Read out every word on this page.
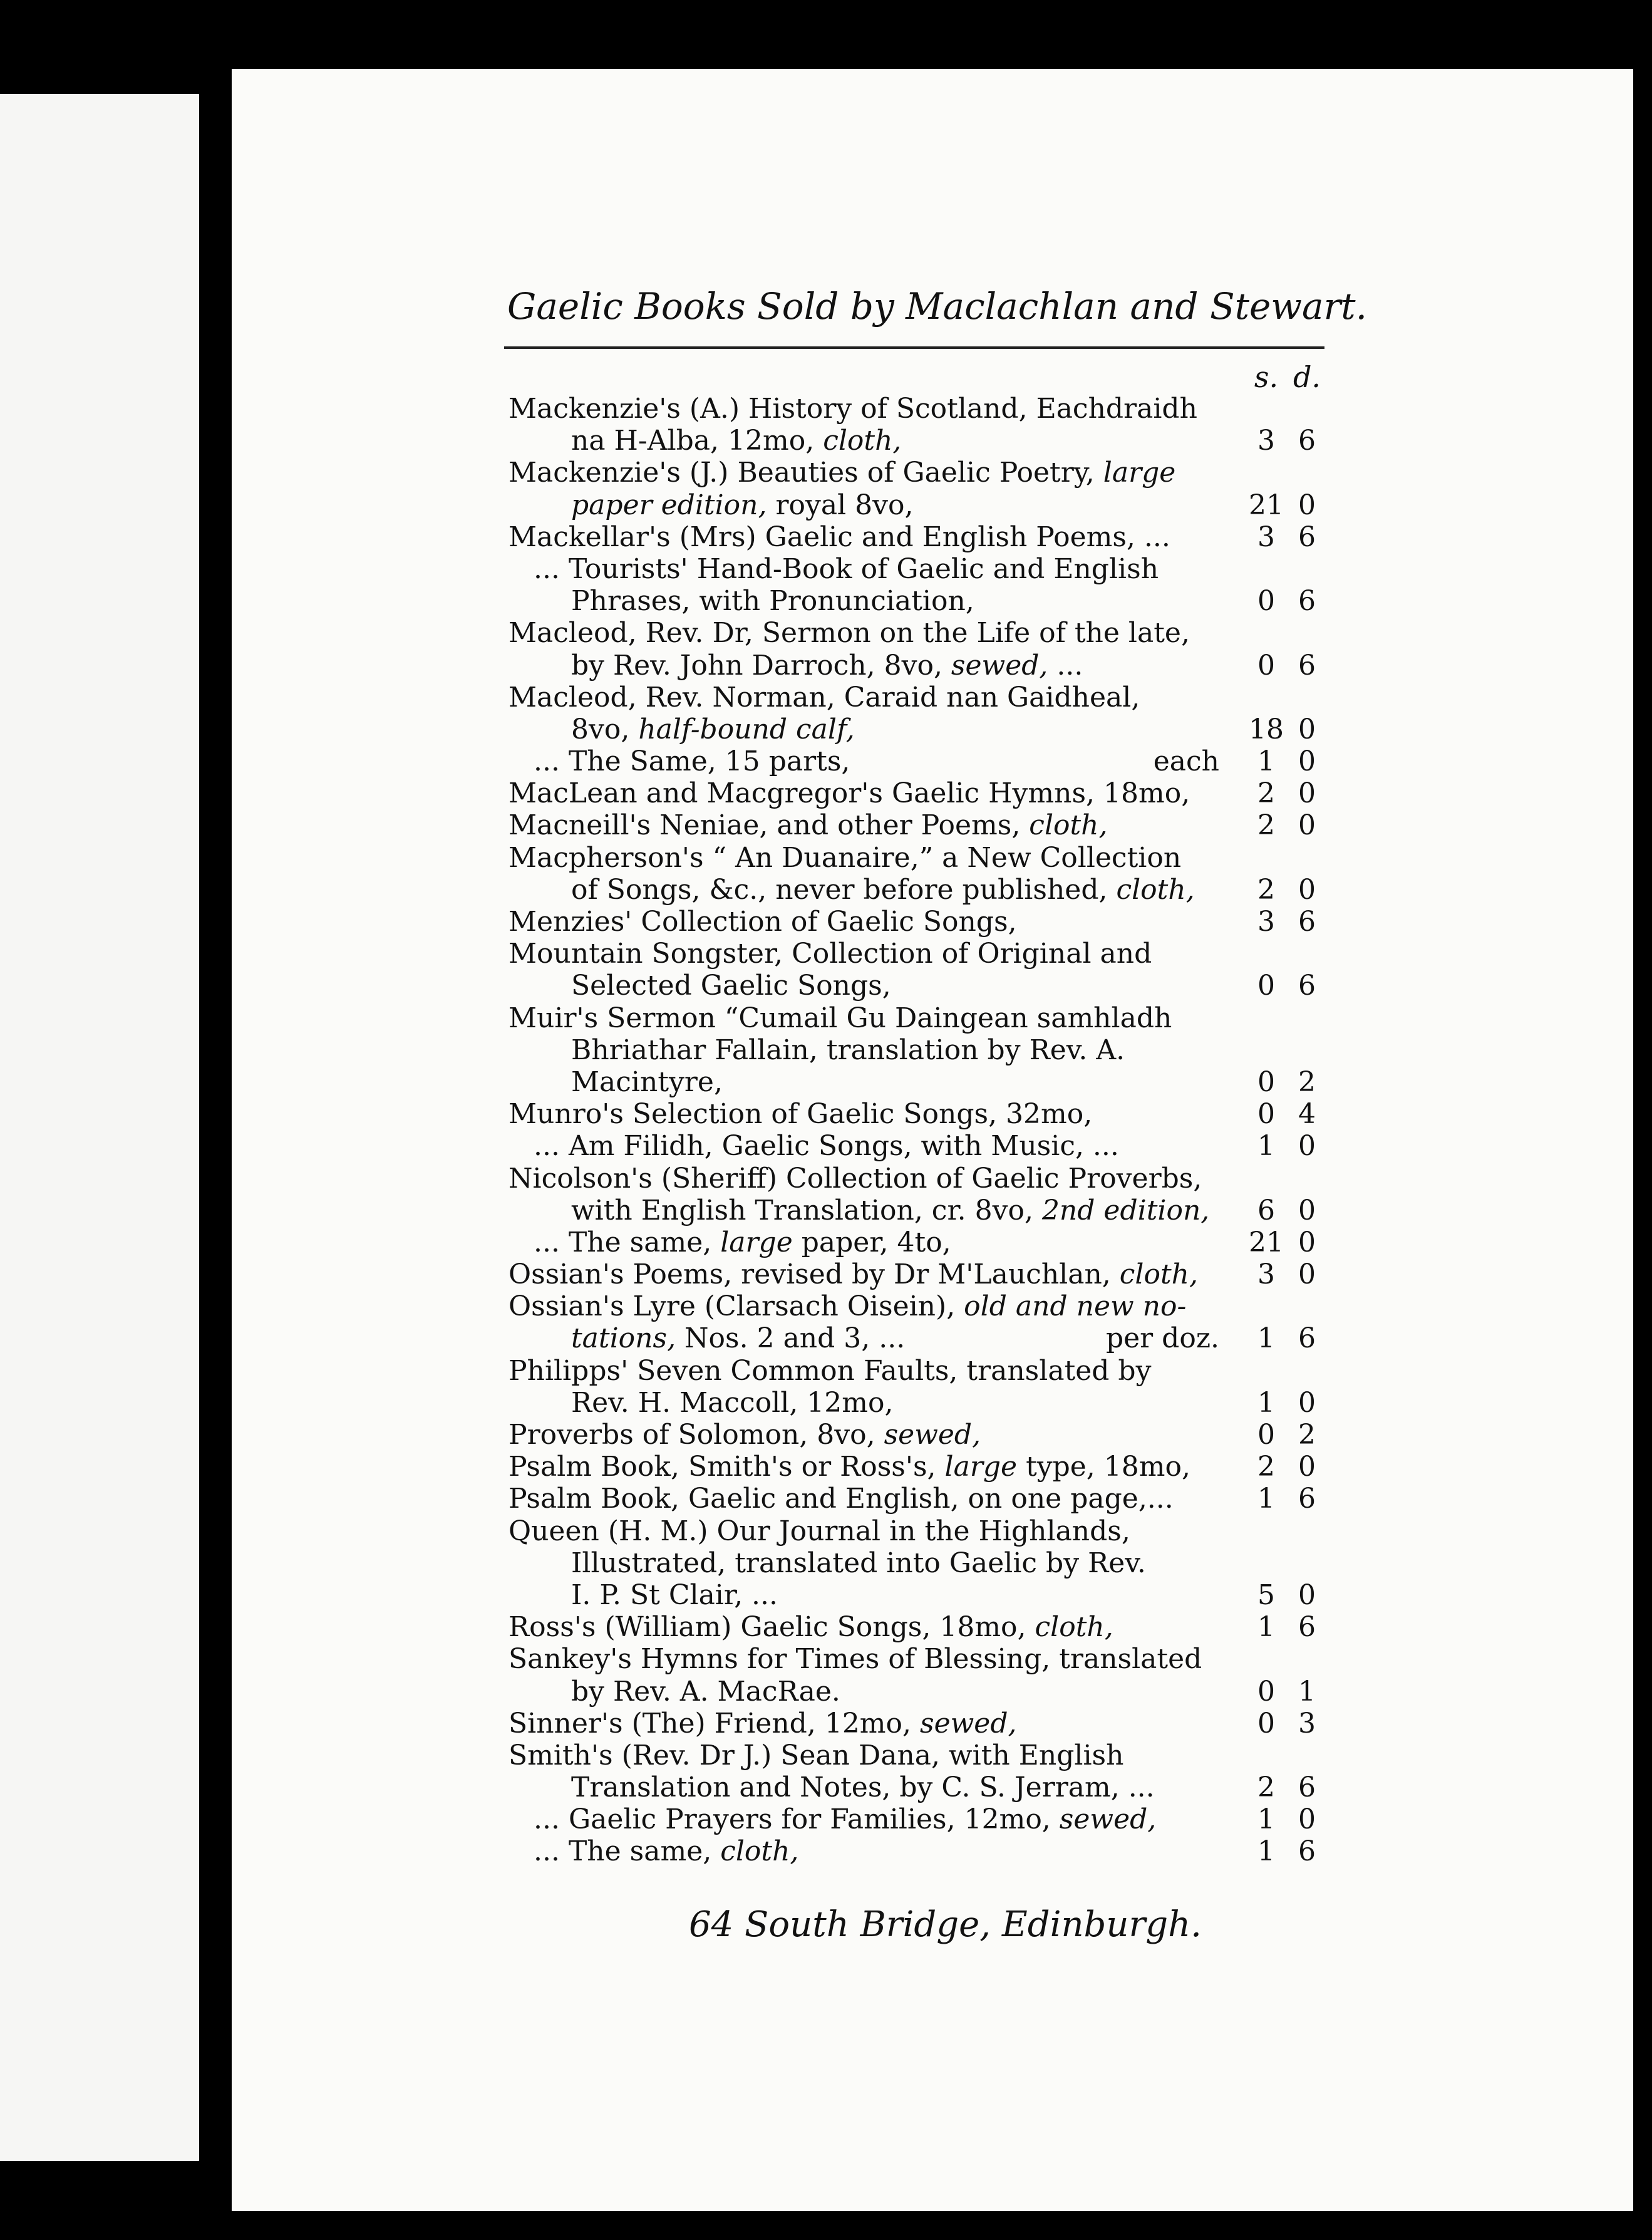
Gaelic Books Sold by Maclachlan and Stewart.
s. d.
Mackenzie's (A.) History of Scotland, Eachdraidh
na H-Alba, 12mo, cloth,	3 6
Mackenzie's (J.) Beauties of Gaelic Poetry, large
paper edition, royal 8vo,	21 0
Mackellar's (Mrs) Gaelic and English Poems, ...	3 6
... Tourists' Hand-Book of Gaelic and English
Phrases, with Pronunciation,	0 6
Macleod, Rev. Dr, Sermon on the Life of the late,
by Rev. John Darroch, 8vo, sewed, ...	0 6
Macleod, Rev. Norman, Caraid nan Gaidheal,
8vo, half-bound calf,	18 0
... The Same, 15 parts,	each	1 0
MacLean and Macgregor's Gaelic Hymns, 18mo,	2 0
Macneill's Neniae, and other Poems, cloth,	2 0
Macpherson's “ An Duanaire,” a New Collection
of Songs, &c., never before published, cloth,	2 0
Menzies' Collection of Gaelic Songs,	3 6
Mountain Songster, Collection of Original and
Selected Gaelic Songs,	0 6
Muir's Sermon “Cumail Gu Daingean samhladh
Bhriathar Fallain, translation by Rev. A.
Macintyre,	0 2
Munro's Selection of Gaelic Songs, 32mo,	0 4
... Am Filidh, Gaelic Songs, with Music, ...	1 0
Nicolson's (Sheriff) Collection of Gaelic Proverbs,
with English Translation, cr. 8vo, 2nd edition,	6 0
... The same, large paper, 4to,	21 0
Ossian's Poems, revised by Dr M'Lauchlan, cloth,	3 0
Ossian's Lyre (Clarsach Oisein), old and new no-
tations, Nos. 2 and 3, ...	per doz.	1 6
Philipps' Seven Common Faults, translated by
Rev. H. Maccoll, 12mo,	1 0
Proverbs of Solomon, 8vo, sewed,	0 2
Psalm Book, Smith's or Ross's, large type, 18mo,	2 0
Psalm Book, Gaelic and English, on one page,...	1 6
Queen (H. M.) Our Journal in the Highlands,
Illustrated, translated into Gaelic by Rev.
I. P. St Clair, ...	5 0
Ross's (William) Gaelic Songs, 18mo, cloth,	1 6
Sankey's Hymns for Times of Blessing, translated
by Rev. A. MacRae.	0 1
Sinner's (The) Friend, 12mo, sewed,	0 3
Smith's (Rev. Dr J.) Sean Dana, with English
Translation and Notes, by C. S. Jerram, ...	2 6
... Gaelic Prayers for Families, 12mo, sewed,	1 0
... The same, cloth,	1 6
64 South Bridge, Edinburgh.
